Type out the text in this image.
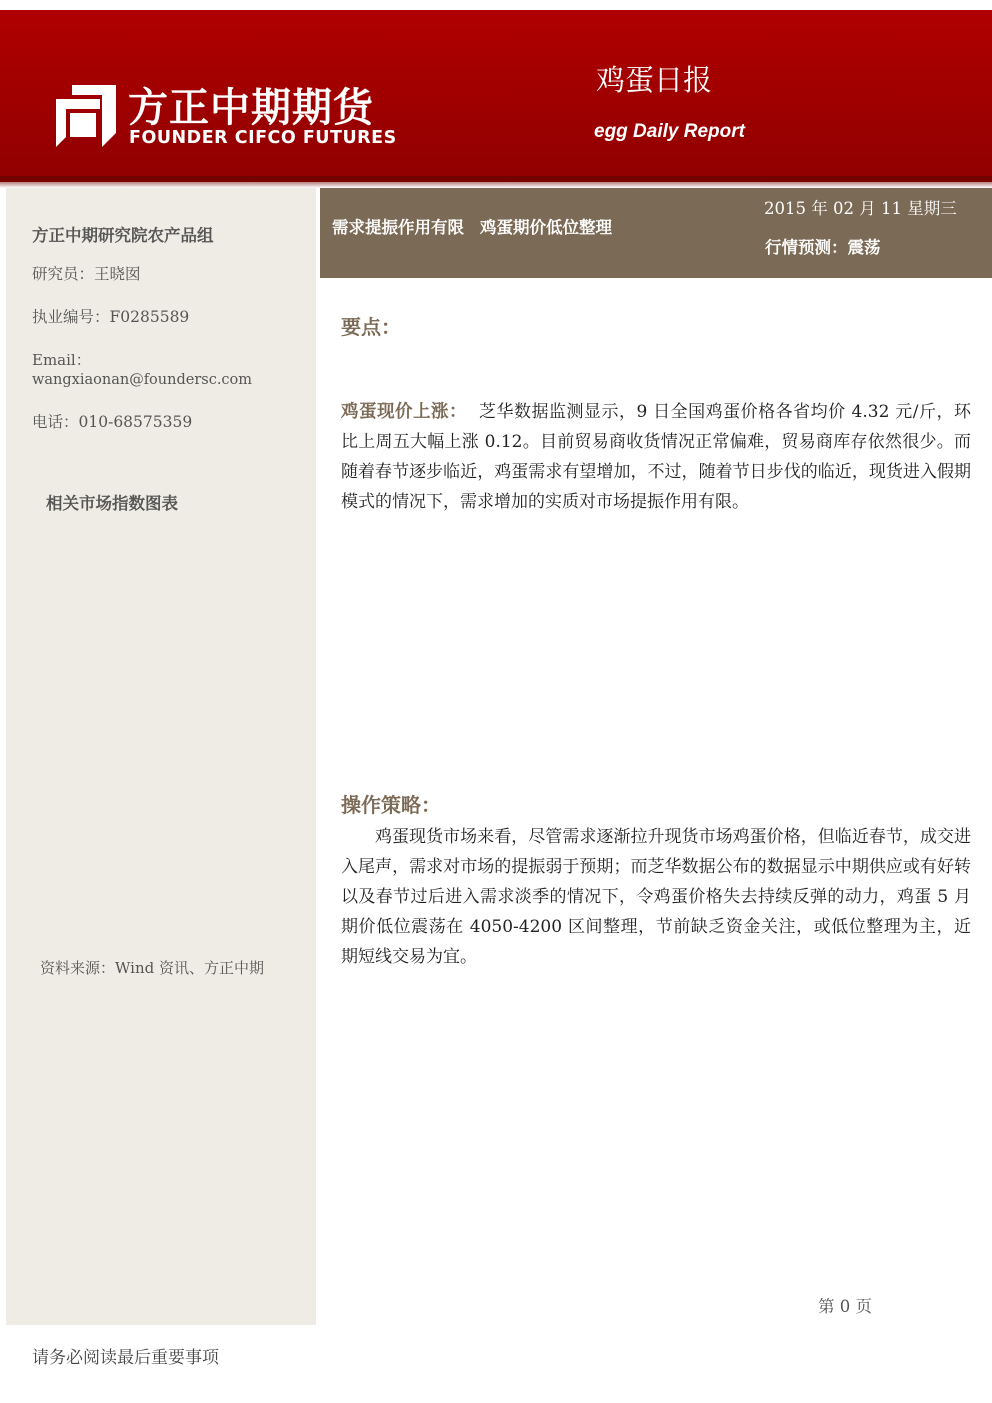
方正中期期货
FOUNDER CIFCO FUTURES
鸡蛋日报
egg Daily Report
方正中期研究院农产品组
研究员：王晓囡
执业编号：F0285589
Email：
wangxiaonan@foundersc.com
电话：010-68575359
相关市场指数图表
资料来源：Wind 资讯、方正中期
需求提振作用有限 鸡蛋期价低位整理
2015 年 02 月 11 星期三
行情预测：震荡
要点：
鸡蛋现价上涨： 芝华数据监测显示，9 日全国鸡蛋价格各省均价 4.32 元/斤，环比上周五大幅上涨 0.12。目前贸易商收货情况正常偏难，贸易商库存依然很少。而随着春节逐步临近，鸡蛋需求有望增加，不过，随着节日步伐的临近，现货进入假期模式的情况下，需求增加的实质对市场提振作用有限。
操作策略：
鸡蛋现货市场来看，尽管需求逐渐拉升现货市场鸡蛋价格，但临近春节，成交进入尾声，需求对市场的提振弱于预期；而芝华数据公布的数据显示中期供应或有好转以及春节过后进入需求淡季的情况下，令鸡蛋价格失去持续反弹的动力，鸡蛋 5 月期价低位震荡在 4050-4200 区间整理，节前缺乏资金关注，或低位整理为主，近期短线交易为宜。
第 0 页
请务必阅读最后重要事项
